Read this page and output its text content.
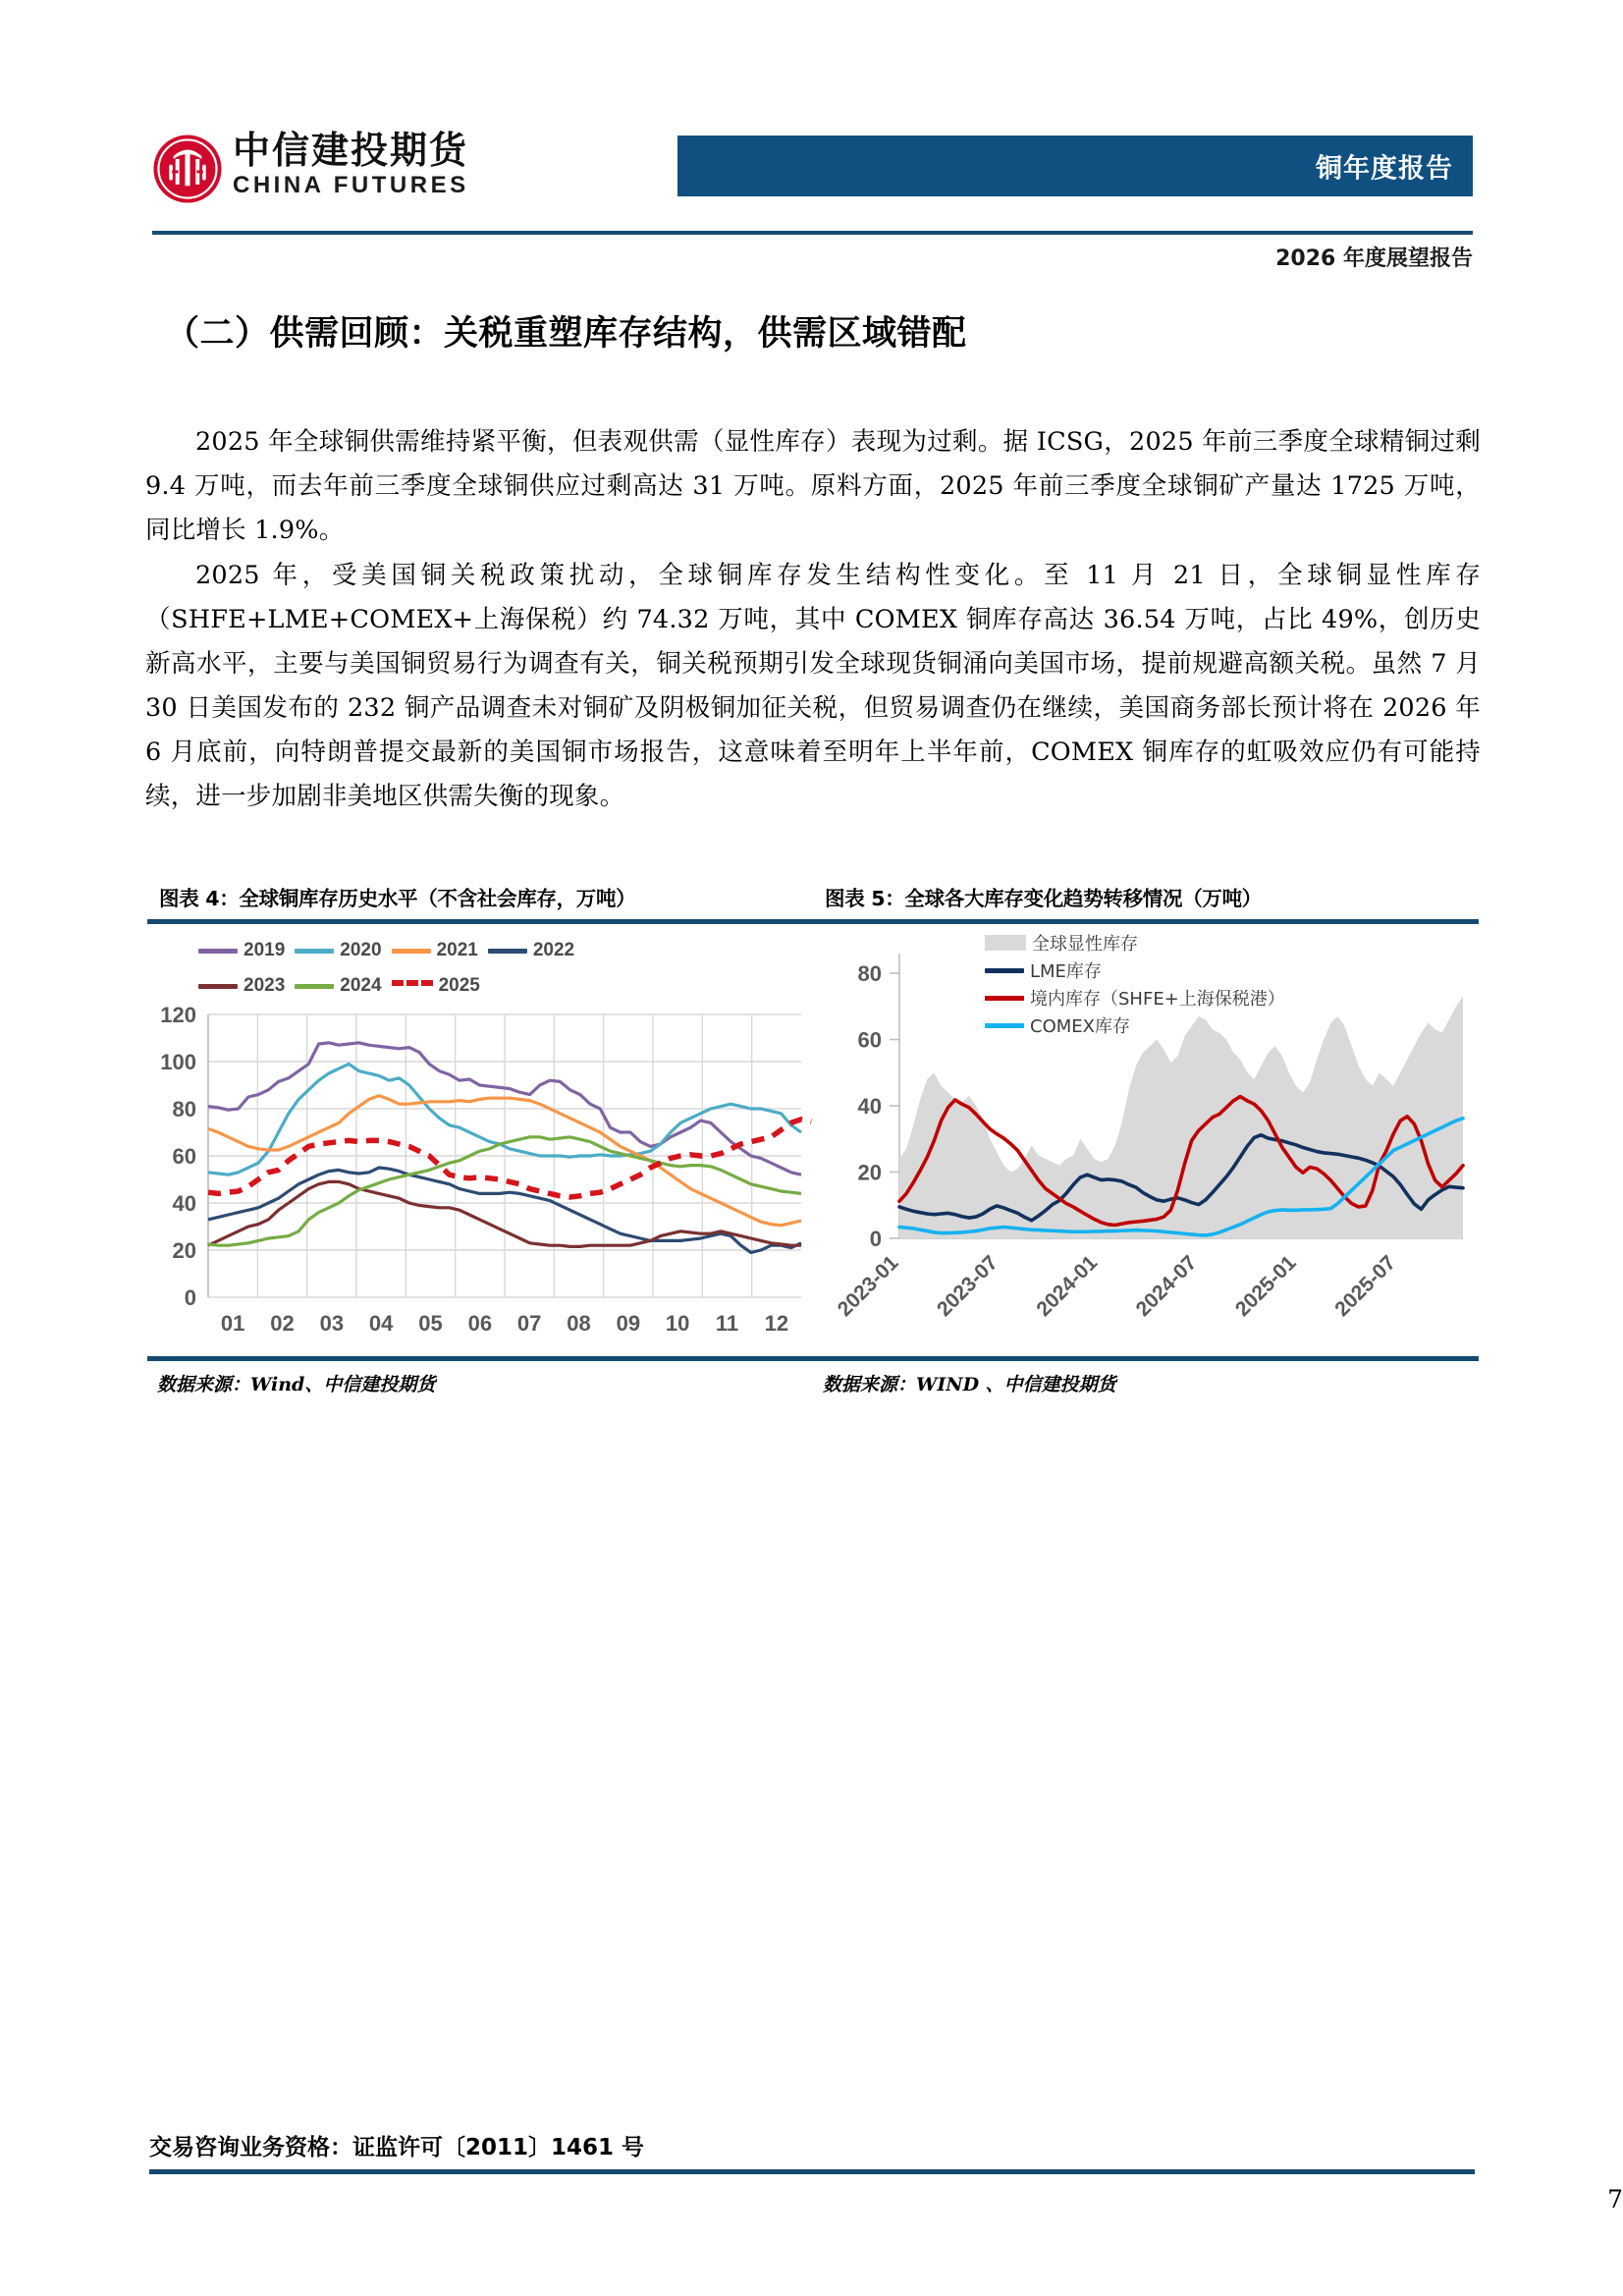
中信建投期货
CHINA FUTURES
铜年度报告
2026 年度展望报告
（二）供需回顾：关税重塑库存结构，供需区域错配

2025 年全球铜供需维持紧平衡，但表观供需（显性库存）表现为过剩。据 ICSG，2025 年前三季度全球精铜过剩 9.4 万吨，而去年前三季度全球铜供应过剩高达 31 万吨。原料方面，2025 年前三季度全球铜矿产量达 1725 万吨，同比增长 1.9%。

2025 年，受美国铜关税政策扰动，全球铜库存发生结构性变化。至 11 月 21 日，全球铜显性库存（SHFE+LME+COMEX+上海保税）约 74.32 万吨，其中 COMEX 铜库存高达 36.54 万吨，占比 49%，创历史新高水平，主要与美国铜贸易行为调查有关，铜关税预期引发全球现货铜涌向美国市场，提前规避高额关税。虽然 7 月 30 日美国发布的 232 铜产品调查未对铜矿及阴极铜加征关税，但贸易调查仍在继续，美国商务部长预计将在 2026 年 6 月底前，向特朗普提交最新的美国铜市场报告，这意味着至明年上半年前，COMEX 铜库存的虹吸效应仍有可能持续，进一步加剧非美地区供需失衡的现象。

图表 4：全球铜库存历史水平（不含社会库存，万吨）
2019	2020	2021	2022
2023	2024	2025
0
20
40
60
80
100
120
01 02 03 04 05 06 07 08 09 10 11 12
数据来源：Wind、中信建投期货
图表 5：全球各大库存变化趋势转移情况（万吨）
全球显性库存
LME库存
境内库存（SHFE+上海保税港）
COMEX库存
0
20
40
60
80
2023-01 2023-07 2024-01 2024-07 2025-01 2025-07
数据来源：WIND 、中信建投期货
交易咨询业务资格：证监许可〔2011〕1461 号
7
